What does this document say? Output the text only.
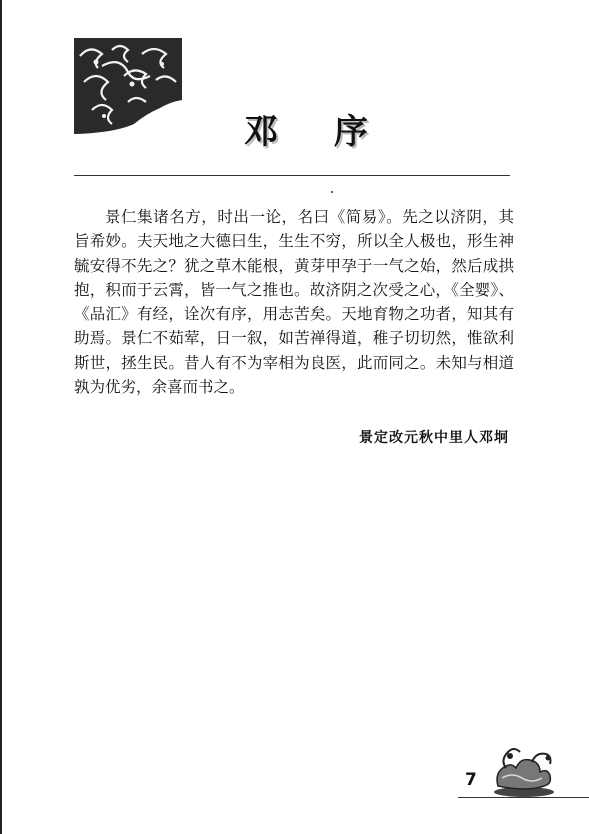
邓 序

景仁集诸名方，时出一论，名曰《简易》。先之以济阴，其旨希妙。夫天地之大德曰生，生生不穷，所以全人极也，形生神毓安得不先之？犹之草木能根，黄芽甲孕于一气之始，然后成拱抱，积而于云霄，皆一气之推也。故济阴之次受之心，《全婴》、《品汇》有经，诠次有序，用志苦矣。天地育物之功者，知其有助焉。景仁不茹荤，日一叙，如苦禅得道，稚子切切然，惟欲利斯世，拯生民。昔人有不为宰相为良医，此而同之。未知与相道孰为优劣，余喜而书之。

景定改元秋中里人邓坰
7
